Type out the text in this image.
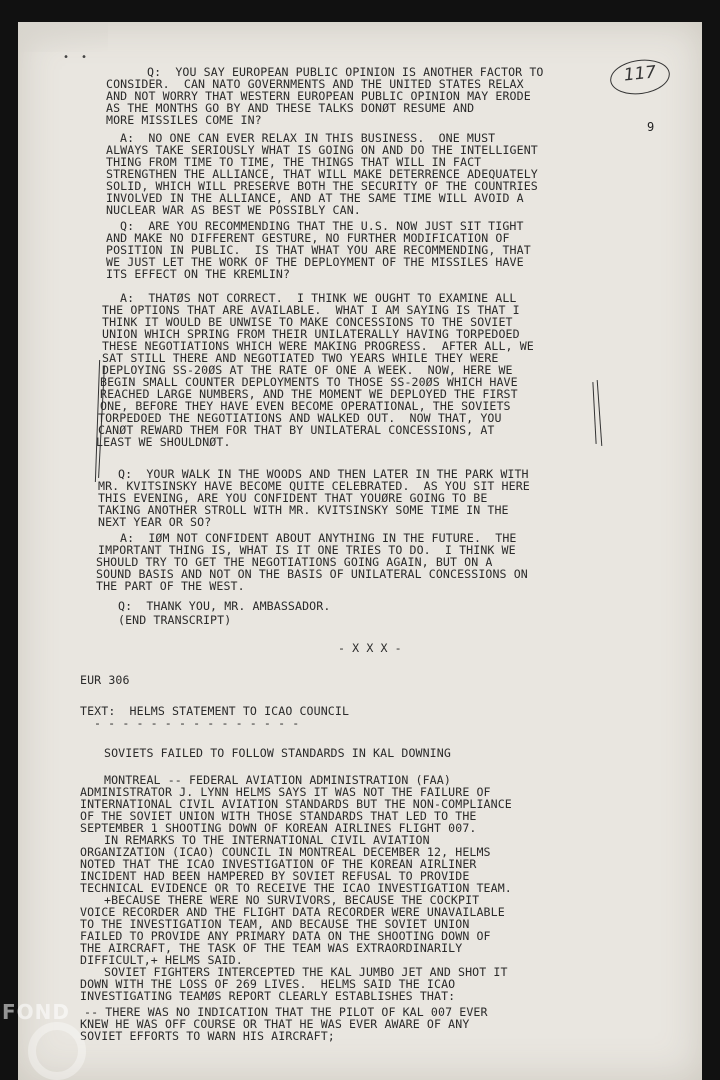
•  •
117
9
Q:  YOU SAY EUROPEAN PUBLIC OPINION IS ANOTHER FACTOR TO
CONSIDER.  CAN NATO GOVERNMENTS AND THE UNITED STATES RELAX
AND NOT WORRY THAT WESTERN EUROPEAN PUBLIC OPINION MAY ERODE
AS THE MONTHS GO BY AND THESE TALKS DONØT RESUME AND
MORE MISSILES COME IN?
A:  NO ONE CAN EVER RELAX IN THIS BUSINESS.  ONE MUST
ALWAYS TAKE SERIOUSLY WHAT IS GOING ON AND DO THE INTELLIGENT
THING FROM TIME TO TIME, THE THINGS THAT WILL IN FACT
STRENGTHEN THE ALLIANCE, THAT WILL MAKE DETERRENCE ADEQUATELY
SOLID, WHICH WILL PRESERVE BOTH THE SECURITY OF THE COUNTRIES
INVOLVED IN THE ALLIANCE, AND AT THE SAME TIME WILL AVOID A
NUCLEAR WAR AS BEST WE POSSIBLY CAN.
Q:  ARE YOU RECOMMENDING THAT THE U.S. NOW JUST SIT TIGHT
AND MAKE NO DIFFERENT GESTURE, NO FURTHER MODIFICATION OF
POSITION IN PUBLIC.  IS THAT WHAT YOU ARE RECOMMENDING, THAT
WE JUST LET THE WORK OF THE DEPLOYMENT OF THE MISSILES HAVE
ITS EFFECT ON THE KREMLIN?
A:  THATØS NOT CORRECT.  I THINK WE OUGHT TO EXAMINE ALL
THE OPTIONS THAT ARE AVAILABLE.  WHAT I AM SAYING IS THAT I
THINK IT WOULD BE UNWISE TO MAKE CONCESSIONS TO THE SOVIET
UNION WHICH SPRING FROM THEIR UNILATERALLY HAVING TORPEDOED
THESE NEGOTIATIONS WHICH WERE MAKING PROGRESS.  AFTER ALL, WE
SAT STILL THERE AND NEGOTIATED TWO YEARS WHILE THEY WERE
DEPLOYING SS-20ØS AT THE RATE OF ONE A WEEK.  NOW, HERE WE
BEGIN SMALL COUNTER DEPLOYMENTS TO THOSE SS-20ØS WHICH HAVE
REACHED LARGE NUMBERS, AND THE MOMENT WE DEPLOYED THE FIRST
ONE, BEFORE THEY HAVE EVEN BECOME OPERATIONAL, THE SOVIETS
TORPEDOED THE NEGOTIATIONS AND WALKED OUT.  NOW THAT, YOU
CANØT REWARD THEM FOR THAT BY UNILATERAL CONCESSIONS, AT
LEAST WE SHOULDNØT.
Q:  YOUR WALK IN THE WOODS AND THEN LATER IN THE PARK WITH
MR. KVITSINSKY HAVE BECOME QUITE CELEBRATED.  AS YOU SIT HERE
THIS EVENING, ARE YOU CONFIDENT THAT YOUØRE GOING TO BE
TAKING ANOTHER STROLL WITH MR. KVITSINSKY SOME TIME IN THE
NEXT YEAR OR SO?
A:  IØM NOT CONFIDENT ABOUT ANYTHING IN THE FUTURE.  THE
IMPORTANT THING IS, WHAT IS IT ONE TRIES TO DO.  I THINK WE
SHOULD TRY TO GET THE NEGOTIATIONS GOING AGAIN, BUT ON A
SOUND BASIS AND NOT ON THE BASIS OF UNILATERAL CONCESSIONS ON
THE PART OF THE WEST.
Q:  THANK YOU, MR. AMBASSADOR.
(END TRANSCRIPT)
- X X X -
EUR 306
TEXT:  HELMS STATEMENT TO ICAO COUNCIL
- - - - - - - - - - - - - - -
SOVIETS FAILED TO FOLLOW STANDARDS IN KAL DOWNING
MONTREAL -- FEDERAL AVIATION ADMINISTRATION (FAA)
ADMINISTRATOR J. LYNN HELMS SAYS IT WAS NOT THE FAILURE OF
INTERNATIONAL CIVIL AVIATION STANDARDS BUT THE NON-COMPLIANCE
OF THE SOVIET UNION WITH THOSE STANDARDS THAT LED TO THE
SEPTEMBER 1 SHOOTING DOWN OF KOREAN AIRLINES FLIGHT 007.
IN REMARKS TO THE INTERNATIONAL CIVIL AVIATION
ORGANIZATION (ICAO) COUNCIL IN MONTREAL DECEMBER 12, HELMS
NOTED THAT THE ICAO INVESTIGATION OF THE KOREAN AIRLINER
INCIDENT HAD BEEN HAMPERED BY SOVIET REFUSAL TO PROVIDE
TECHNICAL EVIDENCE OR TO RECEIVE THE ICAO INVESTIGATION TEAM.
+BECAUSE THERE WERE NO SURVIVORS, BECAUSE THE COCKPIT
VOICE RECORDER AND THE FLIGHT DATA RECORDER WERE UNAVAILABLE
TO THE INVESTIGATION TEAM, AND BECAUSE THE SOVIET UNION
FAILED TO PROVIDE ANY PRIMARY DATA ON THE SHOOTING DOWN OF
THE AIRCRAFT, THE TASK OF THE TEAM WAS EXTRAORDINARILY
DIFFICULT,+ HELMS SAID.
SOVIET FIGHTERS INTERCEPTED THE KAL JUMBO JET AND SHOT IT
DOWN WITH THE LOSS OF 269 LIVES.  HELMS SAID THE ICAO
INVESTIGATING TEAMØS REPORT CLEARLY ESTABLISHES THAT:
-- THERE WAS NO INDICATION THAT THE PILOT OF KAL 007 EVER
KNEW HE WAS OFF COURSE OR THAT HE WAS EVER AWARE OF ANY
SOVIET EFFORTS TO WARN HIS AIRCRAFT;
FOND
